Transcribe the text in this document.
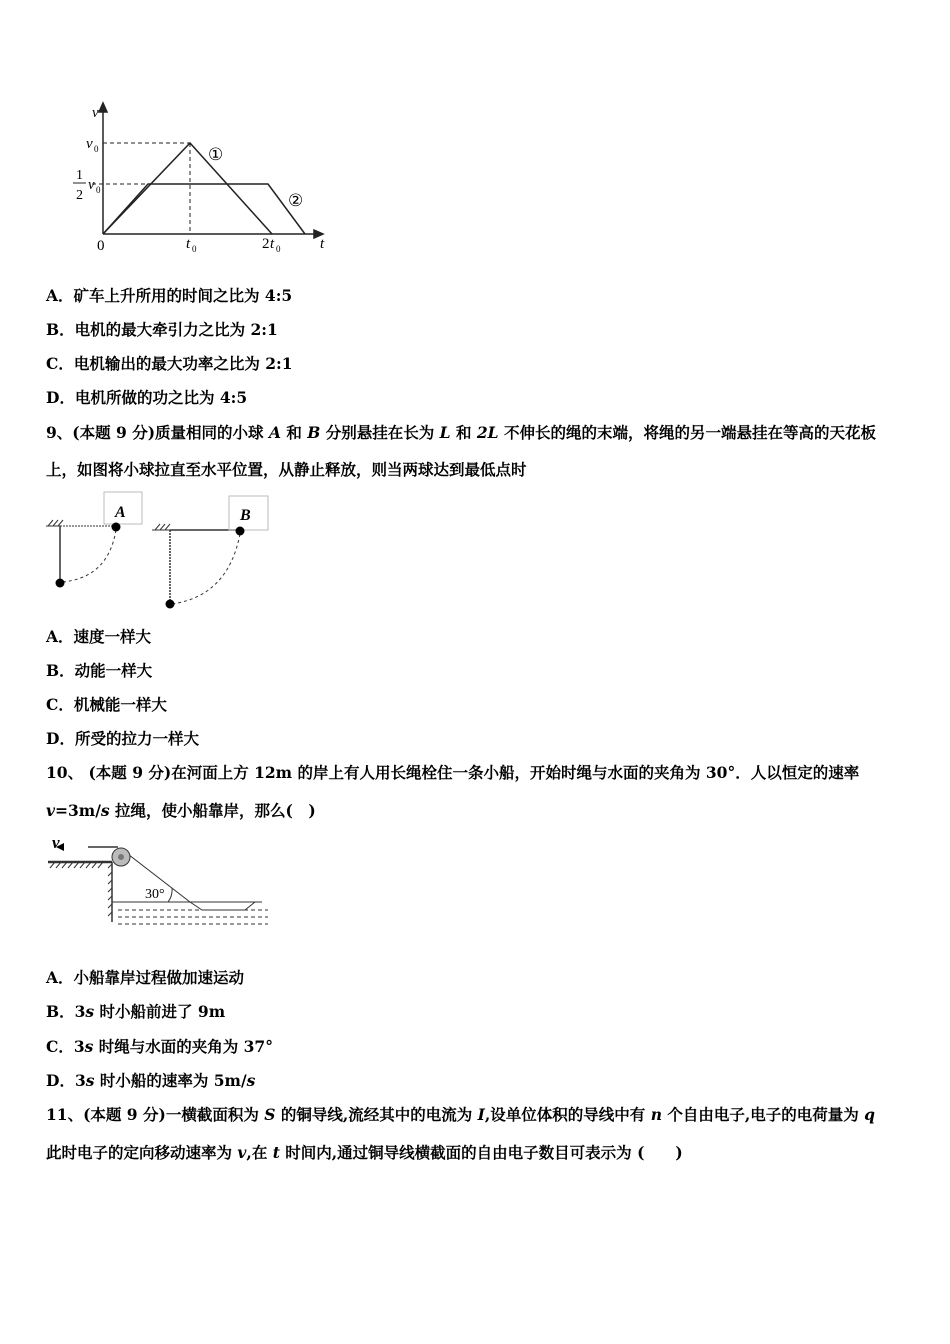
v
t
0
v 0
1
2
v 0
t 0	2 t 0
①
②
A．矿车上升所用的时间之比为 4:5
B．电机的最大牵引力之比为 2:1
C．电机输出的最大功率之比为 2:1
D．电机所做的功之比为 4:5
9、(本题 9 分)质量相同的小球 A 和 B 分别悬挂在长为 L 和 2L 不伸长的绳的末端，将绳的另一端悬挂在等高的天花板
上，如图将小球拉直至水平位置，从静止释放，则当两球达到最低点时
A	B
A．速度一样大
B．动能一样大
C．机械能一样大
D．所受的拉力一样大
10、 (本题 9 分)在河面上方 12m 的岸上有人用长绳栓住一条小船，开始时绳与水面的夹角为 30°．人以恒定的速率
v=3m/s 拉绳，使小船靠岸，那么(　)
v
30°
A．小船靠岸过程做加速运动
B．3s 时小船前进了 9m
C．3s 时绳与水面的夹角为 37°
D．3s 时小船的速率为 5m/s
11、(本题 9 分)一横截面积为 S 的铜导线,流经其中的电流为 I,设单位体积的导线中有 n 个自由电子,电子的电荷量为 q
此时电子的定向移动速率为 v,在 t 时间内,通过铜导线横截面的自由电子数目可表示为 (　　)
